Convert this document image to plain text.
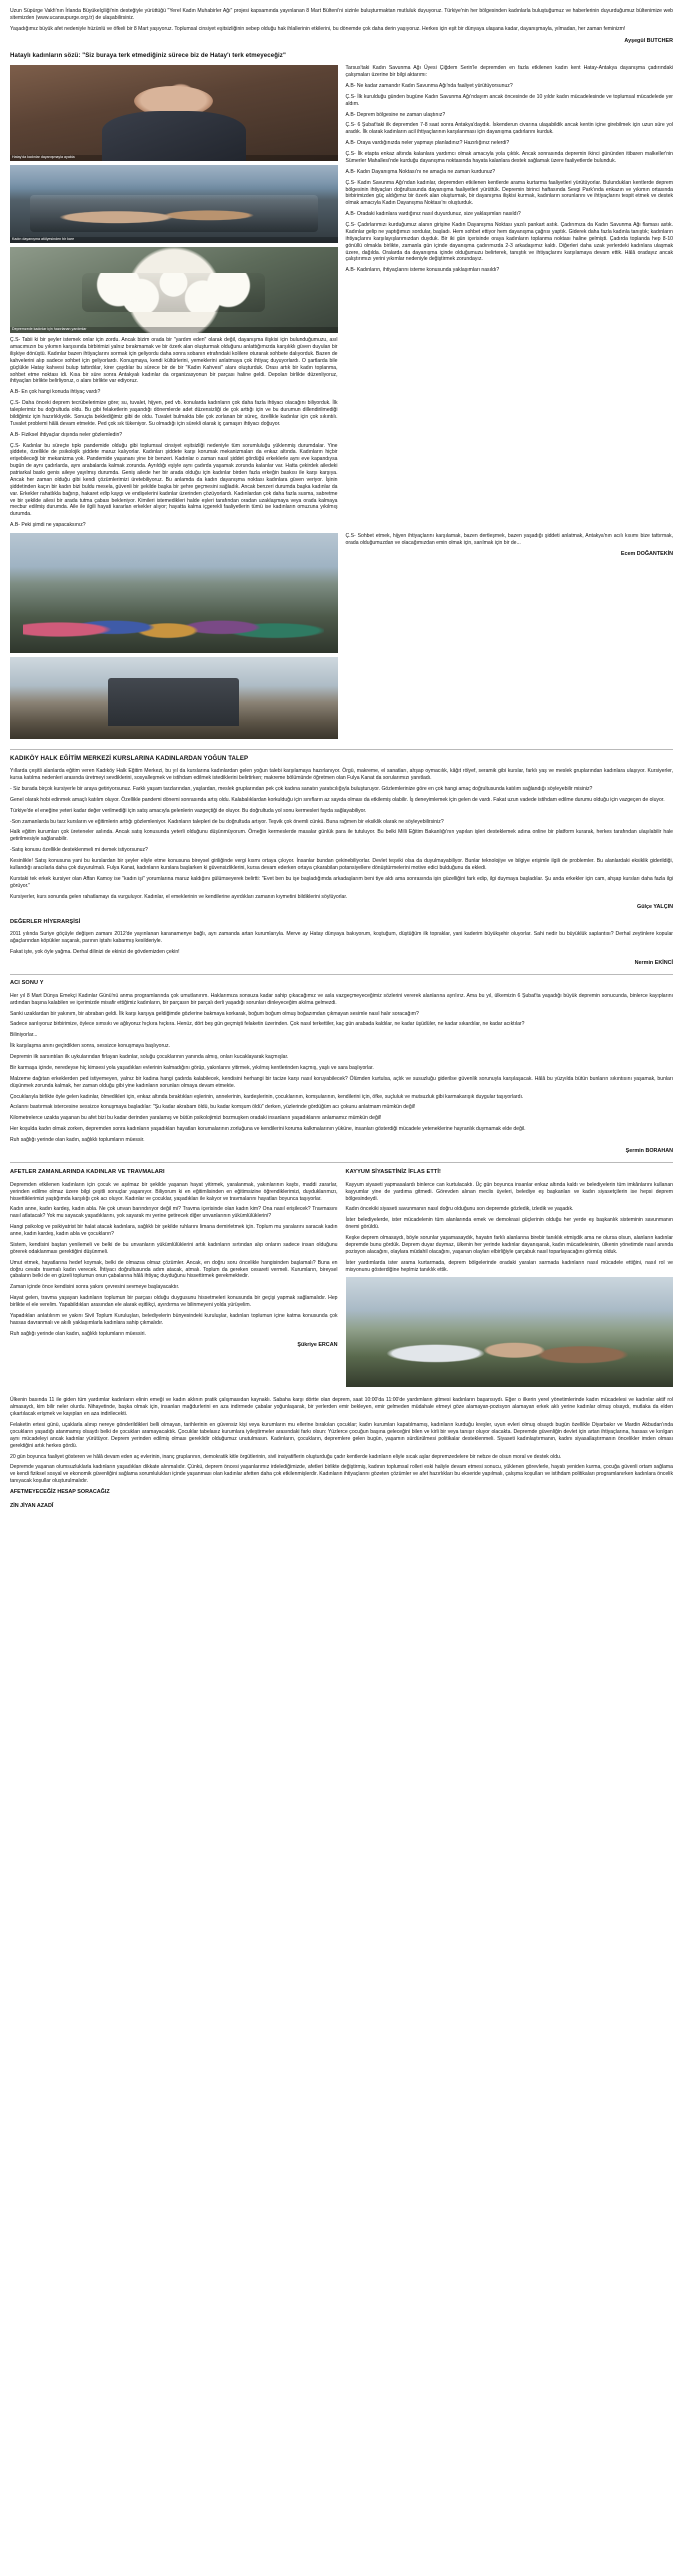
Uzun Süpürge Vakfı'nın İrlanda Büyükelçiliği'nin desteğiyle yürüttüğü "Yerel Kadın Muhabirler Ağı" projesi kapsamında yayınlanan 8 Mart Bülteni'ni sizinle buluşturmaktan mutluluk duyuyoruz. Türkiye'nin her bölgesinden kadınlarla buluştuğumuz ve haberlerinin duyurduğumuz bültenimize web sitemizden (www.ucansupurge.org.tr) de ulaşabilirsiniz.

Yaşadığımız büyük afet nedeniyle hüzünlü ve öfkeli bir 8 Mart yaşıyoruz. Toplumsal cinsiyet eşitsizliğinin sebep olduğu hak ihlallerinin etkilerini, bu dönemde çok daha derin yaşıyoruz. Herkes için eşit bir dünyaya ulaşana kadar, dayanışmayla, yılmadan, her zaman feminizm!

Ayşegül BUTCHER
Hataylı kadınların sözü: "Siz buraya terk etmediğiniz sürece biz de Hatay'ı terk etmeyeceğiz"
Hatay'da kadınlar dayanışmayla ayakta
Kadın dayanışma atölyesinden bir kare
Depremzede kadınlar için hazırlanan yardımlar

Ç.S- Tabii ki bir şeyler istemek onlar için zordu. Ancak bizim orada bir "yardım eden" olarak değil, dayanışma ilişkisi için bulunduğumuzu, asıl amacımızın bu yıkımın karşısında birbirimizi yalnız bırakmamak ve bir özerk alan oluşturmak olduğunu anlattığımızda karşılıklı güven duyulan bir ilişkiye dönüştü. Kadınlar bazen ihtiyaçlarını sormak için geliyordu daha sonra sobanın etrafındaki kolilere oturarak sohbete dalıyorduk. Bazen de kahvelerini alıp sadece sohbet için geliyorlardı. Konuşmaya, kendi kültürlerini, yemeklerini anlatmaya çok ihtiyaç duyuyorlardı. O şartlarda bile güçlükle Hatay kahvesi bulup tattırdılar, kirer çaydılar bu sürece bir de bir "Kadın Kahvesi" alanı oluşturduk. Orası artık bir kadın toplanma, sohbet etme noktası idi. Kısa bir süre sonra Antakyalı kadınlar da organizasyonun bir parçası haline geldi. Depoları birlikte düzenliyoruz, ihtiyaçları birlikte belirliyoruz, o alanı birlikte var ediyoruz.

A.B- En çok hangi konuda ihtiyaç vardı?

Ç.S- Daha önceki deprem tecrübelerimize göre; su, tuvalet, hijyen, ped vb. konularda kadınların çok daha fazla ihtiyacı olacağını biliyorduk. İlk taleplerimiz bu doğrultuda oldu. Bu gibi felaketlerin yaşandığı dönemlerde adet düzensizliği de çok arttığı için ve bu durumun dillendirilmediği bildiğimiz için hazırlıklıydık. Sonuçta beklediğimiz gibi de oldu. Tuvalet bulmakta bile çok zorlanan bir süreç, özellikle kadınlar için çok sıkıntılı. Tuvalet problemi hâlâ devam etmekte. Ped çok sık tükeniyor. Su olmadığı için sürekli olarak iç çamaşırı ihtiyacı doğuyor.

A.B- Fiziksel ihtiyaçlar dışında neler gözlemledin?

Ç.S- Kadınlar bu süreçte tıpkı pandemide olduğu gibi toplumsal cinsiyet eşitsizliği nedeniyle tüm sorumluluğu yüklenmiş durumdalar. Yine şiddete, özellikle de psikolojik şiddete maruz kalıyorlar. Kadınları şiddete karşı korumak mekanizmaları da enkaz altında. Kadınların hiçbir erişebileceği bir mekanizma yok. Pandemide yaşananı yine bir benzeri. Kadınlar o zaman nasıl şiddet gördüğü erkeklerle aynı eve kapandıysa bugün de aynı çadırlarda, aynı arabalarda kalmak zorunda. Ayrıldığı eşiyle aynı çadırda yaşamak zorunda kalanlar var. Hatta çekirdek ailedeki patriarkal baskı genis aileye yayılmış durumda. Geniş ailede her bir arada olduğu için kadınlar birden fazla erkeğin baskısı ile karşı karşıya. Ancak her zaman olduğu gibi kendi çözümlerimizi üretebiliyoruz. Bu anlamda da kadın dayanışma noktası kadınlara güven veriyor. İşinin şiddetinden kaçın bir kadın bizi buldu mesela, güvenli bir şekilde başka bir şehre geçmesini sağladık. Ancak benzeri durumda başka kadınlar da var. Erkekler rahatlıkla bağırıp, hakaret edip kaygı ve endişelerini kadınlar üzerinden çözüyorlardı. Kadınlardan çok daha fazla susma, sabretme ve bir şekilde ailesi bir arada tutma çabası bekleniyor. Kimileri istemedikleri halde eşleri tarafından oradan uzaklaşmaya veya orada kalmaya mecbur edilmiş durumda. Aile ile ilgili hayati kararlan erkekler alıyor; hayatta kalma içgerekli faaliyetlerin tümü ise kadınların omuzuna yıkılmış durumda.

A.B- Peki şimdi ne yapacaksınız?

Tarsus'taki Kadın Savunma Ağı Üyesi Çiğdem Serin'le depremden en fazla etkilenen kadın kent Hatay-Antakya dayanışma çadırındaki çalışmaları üzerine bir bilgi aktarımı:

A.B- Ne kadar zamandır Kadın Savunma Ağı'nda faaliyet yürütüyorsunuz?

Ç.S- İlk kurulduğu günden bugüne Kadın Savunma Ağı'ndayım ancak öncesinde de 10 yıldır kadın mücadelesinde ve toplumsal mücadelede yer aldım.

A.B- Deprem bölgesine ne zaman ulaştınız?

Ç.S- 6 Şubat'taki ilk depremden 7-8 saat sonra Antakya'daydık. İskenderun civarına ulaşabildik ancak kentin içine girebilmek için uzun süre yol aradık. İlk olarak kadınların acil ihtiyaçlarının karşılanması için dayanışma çadırlarını kurduk.

A.B- Oraya vardığınızda neler yapmayı planladınız? Hazırlığınız nelerdi?

Ç.S- İlk etapta enkaz altında kalanlara yardımcı olmak amacıyla yola çıktık. Ancak sonrasında depremin ikinci gününden itibaren malkeller'nin Sümerler Mahallesi'nde kurduğu dayanışma noktasında hayata kalanlara destek sağlamak üzere faaliyetlerde bulunduk.

A.B- Kadın Dayanışma Noktası'nı ne amaçla ne zaman kurdunuz?

Ç.S- Kadın Savunma Ağı'ndan kadınlar, depremden etkilenen kentlerde arama kurtarma faaliyetleri yürütüyorlar. Bulundukları kentlerde deprem bölgesinin ihtiyaçları doğrultusunda dayanışma faaliyetleri yürüttük. Depremin birinci haftasında Sevgi Park'ında enkazın ve yıkımın ortasında birbirimizden güç aldığımız bir özerk alan oluşturmak, bir dayanışma ilişkisi kurmak, kadınların sorunlarını ve ihtiyaçlarını tespit etmek ve destek olmak amacıyla Kadın Dayanışma Noktası'nı oluşturduk.

A.B- Oradaki kadınlara vardığınız nasıl duyurdunuz, size yaklaşımları nasıldı?

Ç.S- Çadırlarımızı kurduğumuz alanın girişine Kadın Dayanışma Noktası yazılı pankart astık. Çadırımıza da Kadın Savunma Ağı flaması astık. Kadınlar gelip ne yaptığımızı sordular, başladı. Hem sohbet ettiyor hem dayanışma çağrısı yaptık. Giderek daha fazla kadınla tanıştık; kadınların ihtiyaçlarını karşılayışlarımızdan duyduk. Bir iki gün içerisinde oraya kadınların toplanma noktası haline gelmişti. Çadırda toplanda hep 8-10 gönüllü olmakla birlikte, zamanla gün içinde dayanışma çadırımızda 2-3 arkadaşımız kaldı. Diğerleri daha uzak yerlerdeki kadınlara ulaşmak üzere, dağılda. Oralarda da dayanışma içinde olduğumuzu belirterek, tanıştık ve ihtiyaçlarını karşılamaya devam ettik. Hâlâ oradayız ancak çalıştırımızı yerini yıkımlar nedeniyle değiştirmek zorundayız.

A.B- Kadınların, ihtiyaçlarını isteme konusunda yaklaşımları nasıldı?

Ç.S- Sohbet etmek, hijyen ihtiyaçlarını karşılamak, bazen dertleşmek, bazen yaşadığı şiddeti anlatmak, Antakya'nın acılı kısımı bize tattırmak, orada olduğumuzdan ve olacağımızdan emin olmak için, sarılmak için bir de...

Ecem DOĞANTEKİN
KADIKÖY HALK EĞİTİM MERKEZİ KURSLARINA KADINLARDAN YOĞUN TALEP

Yıllarda çeşitli alanlarda eğitim veren Kadıköy Halk Eğitim Merkezi, bu yıl da kurslarına kadınlardan gelen yoğun talebi karşılamaya hazırlanıyor. Örgü, makreme, el sanatları, ahşap oymacılık, kâğıt rölyef, seramik gibi kurslar, farklı yaş ve meslek gruplarından kadınlara ulaşıyor. Kursiyerler, kursa katılma nedenleri arasında üretmeyi sevdiklerini, sosyalleşmek ve istihdam edilmek istediklerini belirtirken; makreme bölümünde öğretmen olan Fulya Kanat da sorularımızı yanıtladı.

- Siz burada birçok kursiyerle bir araya getiriyorsunuz. Farklı yaşam tarzlarından, yaşlardan, meslek gruplarından pek çok kadına sanatın yaratıcılığıyla buluşturuyor. Gözlemlerinize göre en çok hangi amaç doğrultusunda katılım sağlandığı söyleyebilir misiniz?

Genel olarak hobi edinmek amaçlı katılım oluyor. Özellikle pandemi dönemi sonrasında artış oldu. Kalabalıklardan korkulduğu için sınıfların az sayıda olması da etkilemiş olabilir. İş deneyimlemek için gelen de vardı. Fakat uzun vadede istihdam edilme durumu olduğu için vazgeçen de oluyor.

Türkiye'de el eneğine yeteri kadar değer verilmediği için satış amacıyla gelenlerin vazgeçtiği de oluyor. Bu doğrultuda yol sonu kermesleri fayda sağlayabiliyor.

-Son zamanlarda bu tarz kursların ve eğitimlerin arttığı gözlemleniyor. Kadınların talepleri de bu doğrultuda artıyor. Teşvik çok önemli cünkü. Buna rağmen bir eksiklik olarak ne söyleyebilirsiniz?

Halk eğitim kurumları çok üreteneler aslında. Ancak satış konusunda yeterli olduğunu düşünmüyorum. Örneğin kermeslerde masalar günlük para ile tutuluyor. Bu belki Milli Eğitim Bakanlığı'nın yapılan işleri desteklemek adına online bir platform kurarak, herkes tarafından ulaşılabilir hale getirilmesiyle sağlanabilir.

-Satış konusu özellikle desteklenmeli mi demek istiyorsunuz?

Kesinlikle! Satış konusuna yani bu kurslardan bir şeyler eliyle etme konusuna bireysel giriliğinde vergi kısmı ortaya çıkıyor. İnsanlar bundan çekinebiliyorlar. Devlet teşviki olsa da duyulmayabiliyor. Bunlar teknolojiye ve bilgiye erişimle ilgili de problemler. Bu alanlardaki eksiklik giderildiği, kullandığı aracılarla daha çok duyurulmalı. Fulya Kanat, kadınların kurslara başlarken ki güvensizliklerini, kursa devam ederken ortaya çıkarabilan potansiyellere dönüştürmelerini motive edici bulduğunu da ekledi.

Kurstaki tek erkek kursiyer olan Affan Kamoy ise "kadın işi" yorumlarına maruz kaldığını gülümseyerek belirtti: "Evet ben bu işe başladığımda arkadaşlarım beni tiye aldı ama sonrasında işin güzelliğini fark edip, ilgi duymaya başladılar. Şu anda erkekler için cam, ahşap kursları daha fazla ilgi görüyor."

Kursiyerler, kurs sonunda gelen rahatlamayı da vurguluyor. Kadınlar, el emeklerinin ve kendilerine ayırdıkları zamanın kıymetini bildiklerini söylüyorlar.

Gülçe YALÇIN
DEĞERLER HİYERARŞİSİ

2011 yılında Suriye göçüyle değişen zamanı 2012'de yayınlanan karanamenye bağlı, ayrı zamanda artan kurumlarıyla. Merve ay Hatay dünyaya bakıyorum, koştuğum, düştüğüm ilk topraklar, yani kaderim büyükşehir oluyorlar. Sahi nedir bu büyüklük saplantısı? Derhal zeytinlere kopular ağaçlarından köpükler saçarak, parının iştahı kabarmış kesilderiyle.

Fakat işte, yok öyle yağma. Derhal dilinizi de ekinizi de gövdemizden çekin!

Nermin EKİNCİ
ACI SONU Y

Her yıl 8 Mart Dünya Emekçi Kadınlar Günü'nü anma programlarında çok umutlanırım. Haklarımıza sonsuza kadar sahip çıkacağımız ve asla vazgeçmeyeceğimiz sözlerini vererek alanlarına ayrılırız. Ama bu yıl, ülkemizin 6 Şubat'ta yaşadığı büyük depremin sonucunda, binlerce kayıplarını ardından başına kalabilen ve içerimizde misafir ettiğimiz kadınların, bir parçasın bir parçalı derli yaşadığı sorunları dinleyeceğim akılma gelmezdi.

Sanki uzaklardan bir yakınım, bir abraban geldi. İlk karşı karşıya geldiğimde gözlerine bakmaya korkarak, boğum boğum olmuş boğazımdan çıkmayan sesimle nasıl halır soracağım?

Sadece sarılıyoruz birbirimize, öylece sımsıkı ve ağlıyoruz hıçkıra hıçkıra. Henüz, dört beş gün geçmişti felaketin üzerinden. Çok nasıl terkettiler, kaç gün arabada kaldılar, ne kadar üşüdüler, ne kadar sıkardılar, ne kadar acıktılar?

Biliniyorlar...

İlk karşılaşma anını geçirdikten sonra, sessizce konuşmaya başlıyoruz.

Depremin ilk sarsıntıları ilk uykularından firlayan kadınlar, soluğu çocuklarının yanında almış, onları kucaklayarak kaçmışlar.

Bir karmaşa içinde, neredeyse hiç kimsesi yola yaşadıkları evlerinin kalmadığını görüp, yakınlarını yitirmek, yıkılmış kentlerinden kaçmış, yaşlı ve sara başlıyorlar.

Malzeme dağıtan erkeklerden ped istiyemeyen, yalnız bir kadına hangi çadırda kalabilecek, kendisini herhangi bir tacize karşı nasıl koruyabilecek? Ölümden kurtulsa, açlık ve susuzluğu giderilse güvenlik sorunuyla karşılaşacak. Hâlâ bu yüzyılda bütün bunların sıkıntısını yaşamak, bunları düşünmek zorunda kalmak, her zaman olduğu gibi yine kadınların sorunları olmaya devam etmekte.

Çocuklarıyla birlikte öyle gelen kadınlar, ölmedikleri için, enkaz altında bıraktıkları eşlerinin, annelerinin, kardeşlerinin, çocuklarının, komşularının, kendilerini için, öfke, suçluluk ve mutsuzluk gibi karmakarışık duygular taşıyorlardı.

Acılarını bastırmak istercesine sessizce konuşmaya başladılar: "Şu kadar akrabam öldü, bu kadar komşum öldü" derken, yüzlerinde gördüğüm acı çokunu anlatmam mümkün değil!

Kilometrelerce uzakta yaşanan bu afet bizi bu kadar derinden yaralamış ve bütün psikolojimizi bozmuşken oradaki insanların yaşadıklarını anlamamız mümkün değil!

Her koşulda kadın olmak zorken, depremden sonra kadınların yaşadıkları hayatları korumalarının zorluğuna ve kendilerini koruma kalkmalarının yüküne, insanları gösterdiği mücadele yeteneklerine hayranlık duymamak elde değil.

Ruh sağlığı yerinde olan kadın, sağlıklı toplumların müessir.

Şermin BORAHAN
AFETLER ZAMANLARINDA KADINLAR VE TRAVMALARI

Depremden etkilenen kadınların için çocuk ve aşılmaz bir şekilde yaşanan hayat yitirmek, yaralanmak, yakınlarının kaybı, maddi zararlar, yerinden edilme olmaz üzere bilgi çeşitli sonuçlar yaşanıyor. Biliyorum ki en eğitimlisinden en eğitimsizine öğrendiklerimizi, duyduklarımızı, hissettiklerimizi yaştığımda karşılığı çok acı oluyor. Kadınlar ve çocuklar, yaşadıkları ile kalıyor ve travmalarını hayatları boyunca taşıyorlar.

Kadın anne, kadın kardeş, kadın abla. Ne çok unvan barındırıyor değil mi? Travma içerisinde olan kadın kim? Ona nasıl erişilecek? Travmasını nasıl atlatacak? Yok mu sayacak yaşadıklarını, yok sayarak mı yerine getirecek diğer unvanlarının yükümlülüklerini?

Hangi psikolog ve psikiyatrist bir halat atacak kadınlara, sağlıklı bir şekilde ruhlarını limana demirletmek için. Toplum mu yaralarını saracak kadın anne, kadın kardeş, kadın abla ve çocukların?

Sistem, kendisini baştan yenilemeli ve belki de bu unvanların yükümlülüklerini artık kadınların sırtından alıp onların sadece insan olduğunu görerek odaklanması gerektiğini düşünmeli.

Umut etmek, hayatlarına hedef koymak, belki de olmazsa olmaz çözümler. Ancak, en doğru soru öncelikle hangisinden başlamalı? Buna en doğru cevabı travmalı kadın verecek. İhtiyacı doğrultusunda adım atacak, atmalı. Toplum da gereken cesareti vermeli. Kurumların, bireysel çabaların belki de en güzeli toplumun onun çabalarına hâlâ ihtiyaç duyduğunu hissettirmek gerekmektedir.

Zaman içinde önce kendisini sonra yakını çevresini sevmeye başlayacaktır.

Hayat gelen, travma yaşayan kadınların toplumun bir parçası olduğu duygusunu hissetmeleri konusunda bir geçişi yapmak sağlamalıdır. Hep birlikte el ele verelim. Yapabildıkları arasından ele alarak eşitlikçi, ayırdırma ve bilinmeyeni yolda yürüyelim.

Yapadıkları anlatılırım ve yakını Sivil Toplum Kuruluşları, belediyelerin bünyesindeki kuruluşlar, kadınları toplumun içine katma konusunda çok hassas davranmalı ve akıllı yaklaşımlarla kadınlara sahip çıkmalıdır.

Ruh sağlığı yerinde olan kadın, sağlıklı toplumların müessiri.

Şükriye ERCAN
KAYYUM SİYASETİNİZ İFLAS ETTİ!

Kayyum siyaseti yapmasalardı binlerce can kurtulacaktı. Üç gün boyunca insanlar enkaz altında kaldı ve belediyelerin tüm imkânlarını kullanan kayyumlar yine de yardıma gitmedi. Görevden alınan meclis üyeleri, belediye eş başkanları ve kadın siyasetçilerin ise hepsi deprem bölgesindeydi.

Kadın öncekiki siyaseti savunmanın nasıl doğru olduğunu son depremde gözledik, izledik ve yaşadık.

İster belediyelerde, ister mücadelenin tüm alanlarında emek ve demokrasi güçlerinin olduğu her yerde eş başkanlık sisteminin savunmanın önemi görüldü.

Keşke deprem olmasaydı, böyle sorunlar yaşamasaydık, hayatın farklı alanlarına birebir tanıklık etmişdik ama ne olursa olsun, alanların kadınlar depremde bunu gördük. Deprem duyar duymaz, ülkenin her yerinde kadınlar dayanışarak, kadın mücadelesinin, ülkenin yönetimde nasıl anında pozisyon alacağını, olaylara müdahil olacağını, yaşanan olayları elbirliğiyle çarçabuk nasıl toparlayacağını görmüş olduk.

İster yardımlarda ister arama kurtarmada, deprem bölgelerinde oradaki yaraları sarmada kadınların nasıl mücadele ettiğini, nasıl rol ve misyonunu gösterdiğine heplmiz tanıklık ettik.

Ülkenin basında 11 ile giden tüm yardımlar kadınların elinin emeği ve kadın aklının pratik çalışmasıdan kaynaklı. Sabaha karşı dörtte olan deprem, saat 10:00'da 11:00'de yardımların gitmesi kadınların başarısıydı. Eğer o ilkerin yerel yönetimlerinde kadın mücadelesi ve kadınlar aktif rol almasaydı, kim bilir neler olurdu. Nihayetinde, başka olmak için, insanları mağdurlerini en aza indirmede çabalar yoğunlaşarak, bir yerlerden emir bekleyen, emir gelmeden müdahale etmeyi göze alamayan-pozisyon alamayan erkek aklı yerine kadınlar olmuş olsaydı, mutlaka da elden çıkartılacak erişmek ve kayıpları en aza indirilecekti.

Felaketin ertesi günü, uçaklarla alınıp nereye gönderildikleri belli olmayan, tarihlerinin en güvensiz kişi veya kurumların mu ellerine bırakılan çocuklar; kadın kurumları kapatılmamış, kadınların kurduğu kreşler, uyun evleri olmuş olsaydı bugün özellikle Diyarbakır ve Mardin Akbudan'ında çocukların yaşadığı atanmamış olsaydı belki de çocukları aramayacaktık. Çocuklar tabelasız kurumlara iyileştirmeler arasındaki farkı olsun: Yüzlerce çocuğun başına geleceğini bilen ve kirli bir veya tanışır oluyor olacakta. Depremde güvenliğin devlet için artan ihtiyaçlarına, hassas ve kırılgan aynı mücadeleyi ancak kadınlar yürütüyor. Deprem yerinden edilmiş olması gereklidir olduğumuz unutulmasın. Kadınların, çocukların, depremlere gelen bugün, yaşamın sürdürülmesi politikalar desteklenmeli. Siyaseti kadınlaştırmanın, kadını siyasallaştırmanın öncelikler imden olması gerektiğini artık herkes gördü.

20 gün boyunca faaliyet gösteren ve hâlâ devam eden aç evlerinin, inanç gruplarının, demokratik kitle örgütlerinin, sivil insiyatiflerin oluşturduğu çadır kentlerde kadınların eliyle sıcak aşlar depremzedelere bir nebze de olsun moral ve destek oldu.

Depremde yaşanan olumsuzluklarla kadınların yaşadıkları dikkate alınmalıdır. Çünkü, deprem öncesi yaşanlarımız irdelediğimizde, afetleri birlikte değiştirmiş, kadının toplumsal rolleri eski haliyle devam etmesi sonucu, yüklenen görevlerle, hayatı yeniden kurma, çocuğa güvenli ortam sağlama ve kendi fiziksel sosyal ve ekonomik güvenliğini sağlama sorumlulukları içinde yaşanması olan kadınlar afetten daha çok etkilenmişlerdir. Kadınların ihtiyaçlarını gözeten çözümler ve afet hazırlıkları bu ekseride yapılmalı, çalışma koşulları ve istihdam politikaları programlanırken kadınlara öncelik tanıyacak koşullar oluşturulmalıdır.

AFETMEYECEĞİZ HESAP SORACAĞIZ
ZİN JİYAN AZADÎ
